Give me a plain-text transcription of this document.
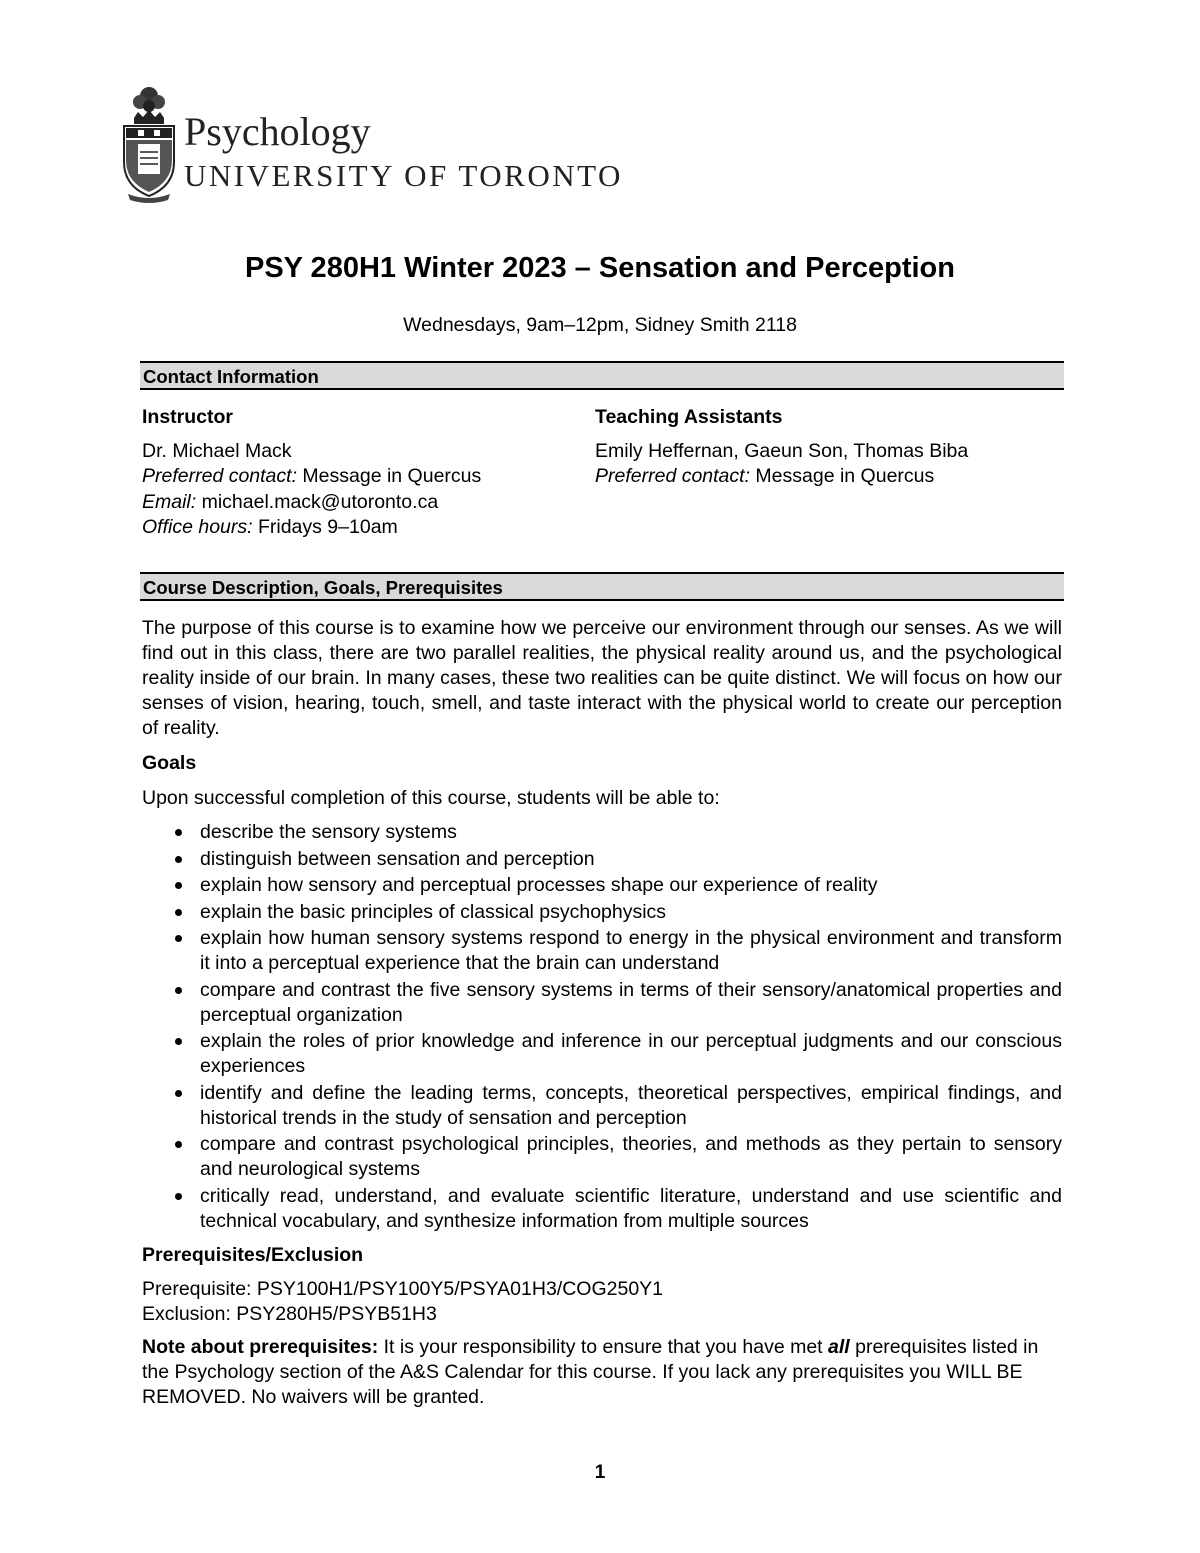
Psychology
UNIVERSITY OF TORONTO
PSY 280H1 Winter 2023 – Sensation and Perception
Wednesdays, 9am–12pm, Sidney Smith 2118
Contact Information
Instructor

Dr. Michael Mack

Preferred contact: Message in Quercus

Email: michael.mack@utoronto.ca

Office hours: Fridays 9–10am

Teaching Assistants

Emily Heffernan, Gaeun Son, Thomas Biba

Preferred contact: Message in Quercus

Course Description, Goals, Prerequisites
The purpose of this course is to examine how we perceive our environment through our senses. As we will find out in this class, there are two parallel realities, the physical reality around us, and the psychological reality inside of our brain. In many cases, these two realities can be quite distinct. We will focus on how our senses of vision, hearing, touch, smell, and taste interact with the physical world to create our perception of reality.
Goals
Upon successful completion of this course, students will be able to:
describe the sensory systems
distinguish between sensation and perception
explain how sensory and perceptual processes shape our experience of reality
explain the basic principles of classical psychophysics
explain how human sensory systems respond to energy in the physical environment and transform it into a perceptual experience that the brain can understand
compare and contrast the five sensory systems in terms of their sensory/anatomical properties and perceptual organization
explain the roles of prior knowledge and inference in our perceptual judgments and our conscious experiences
identify and define the leading terms, concepts, theoretical perspectives, empirical findings, and historical trends in the study of sensation and perception
compare and contrast psychological principles, theories, and methods as they pertain to sensory and neurological systems
critically read, understand, and evaluate scientific literature, understand and use scientific and technical vocabulary, and synthesize information from multiple sources
Prerequisites/Exclusion
Prerequisite: PSY100H1/PSY100Y5/PSYA01H3/COG250Y1
Exclusion: PSY280H5/PSYB51H3
Note about prerequisites: It is your responsibility to ensure that you have met all prerequisites listed in the Psychology section of the A&S Calendar for this course. If you lack any prerequisites you WILL BE REMOVED. No waivers will be granted.
1
